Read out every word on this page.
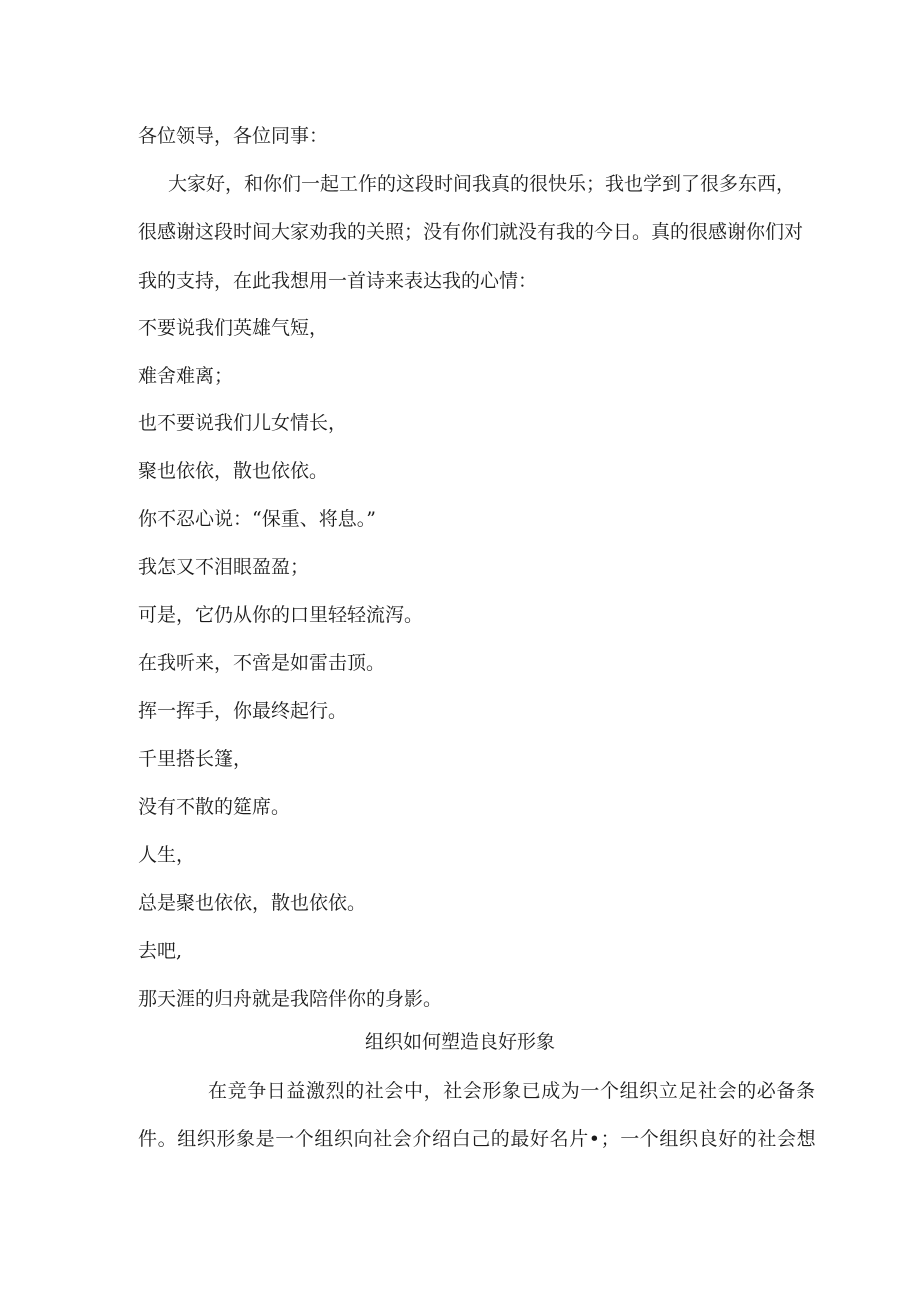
各位领导，各位同事：
大家好，和你们一起工作的这段时间我真的很快乐；我也学到了很多东西，
很感谢这段时间大家劝我的关照；没有你们就没有我的今日。真的很感谢你们对
我的支持，在此我想用一首诗来表达我的心情：
不要说我们英雄气短，
难舍难离；
也不要说我们儿女情长，
聚也依依，散也依依。
你不忍心说：“保重、将息。”
我怎又不泪眼盈盈；
可是，它仍从你的口里轻轻流泻。
在我听来，不啻是如雷击顶。
挥一挥手，你最终起行。
千里搭长篷，
没有不散的筵席。
人生，
总是聚也依依，散也依依。
去吧,
那天涯的归舟就是我陪伴你的身影。
组织如何塑造良好形象
在竞争日益激烈的社会中，社会形象已成为一个组织立足社会的必备条
件。组织形象是一个组织向社会介绍白己的最好名片•；一个组织良好的社会想
